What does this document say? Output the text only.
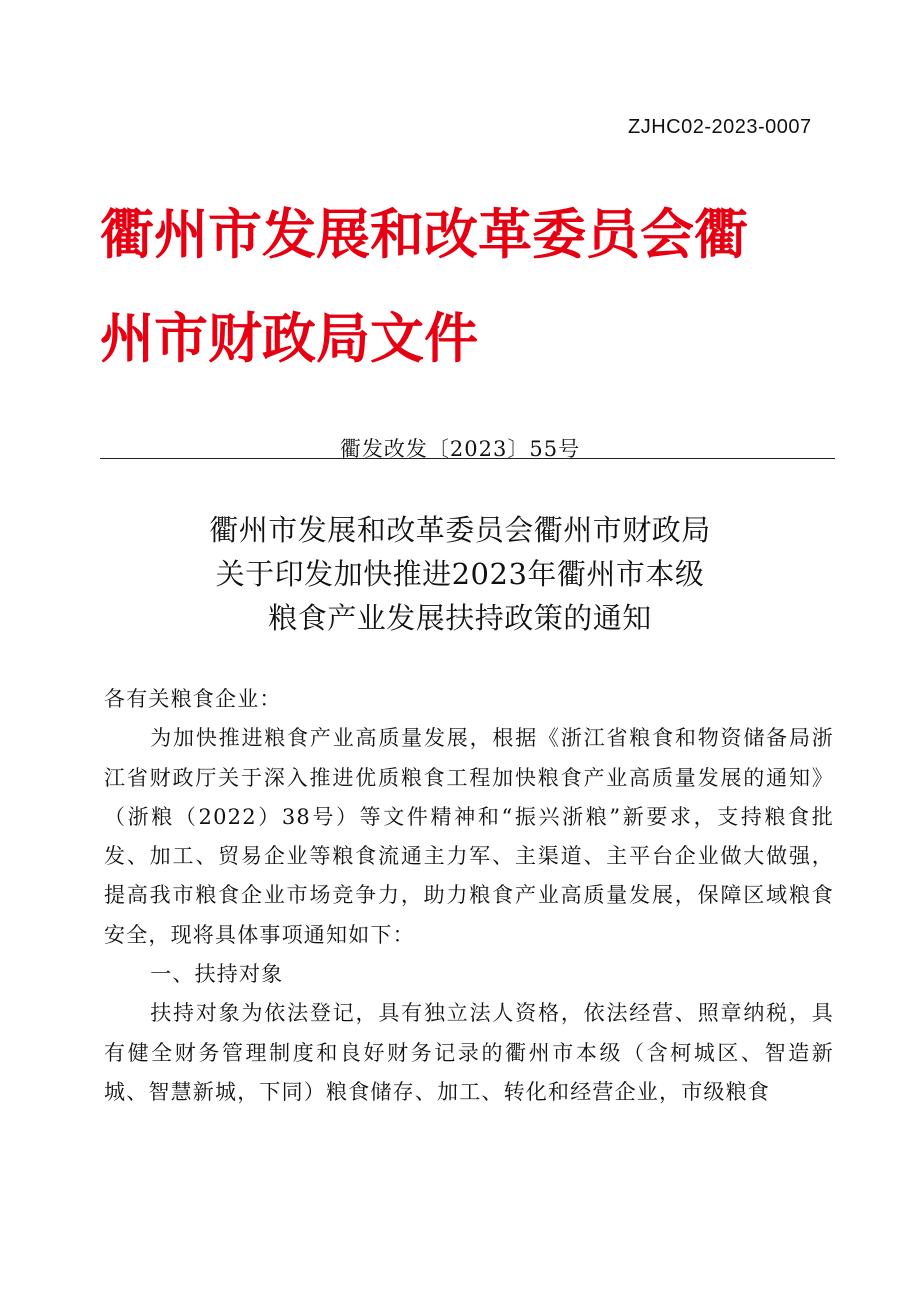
ZJHC02-2023-0007
衢州市发展和改革委员会衢
州市财政局文件
衢发改发〔2023〕55号
衢州市发展和改革委员会衢州市财政局
关于印发加快推进2023年衢州市本级
粮食产业发展扶持政策的通知

各有关粮食企业：

为加快推进粮食产业高质量发展，根据《浙江省粮食和物资储备局浙江省财政厅关于深入推进优质粮食工程加快粮食产业高质量发展的通知》（浙粮（2022）38号）等文件精神和“振兴浙粮”新要求，支持粮食批发、加工、贸易企业等粮食流通主力军、主渠道、主平台企业做大做强，提高我市粮食企业市场竞争力，助力粮食产业高质量发展，保障区域粮食安全，现将具体事项通知如下：

一、扶持对象

扶持对象为依法登记，具有独立法人资格，依法经营、照章纳税，具有健全财务管理制度和良好财务记录的衢州市本级（含柯城区、智造新城、智慧新城，下同）粮食储存、加工、转化和经营企业，市级粮食
